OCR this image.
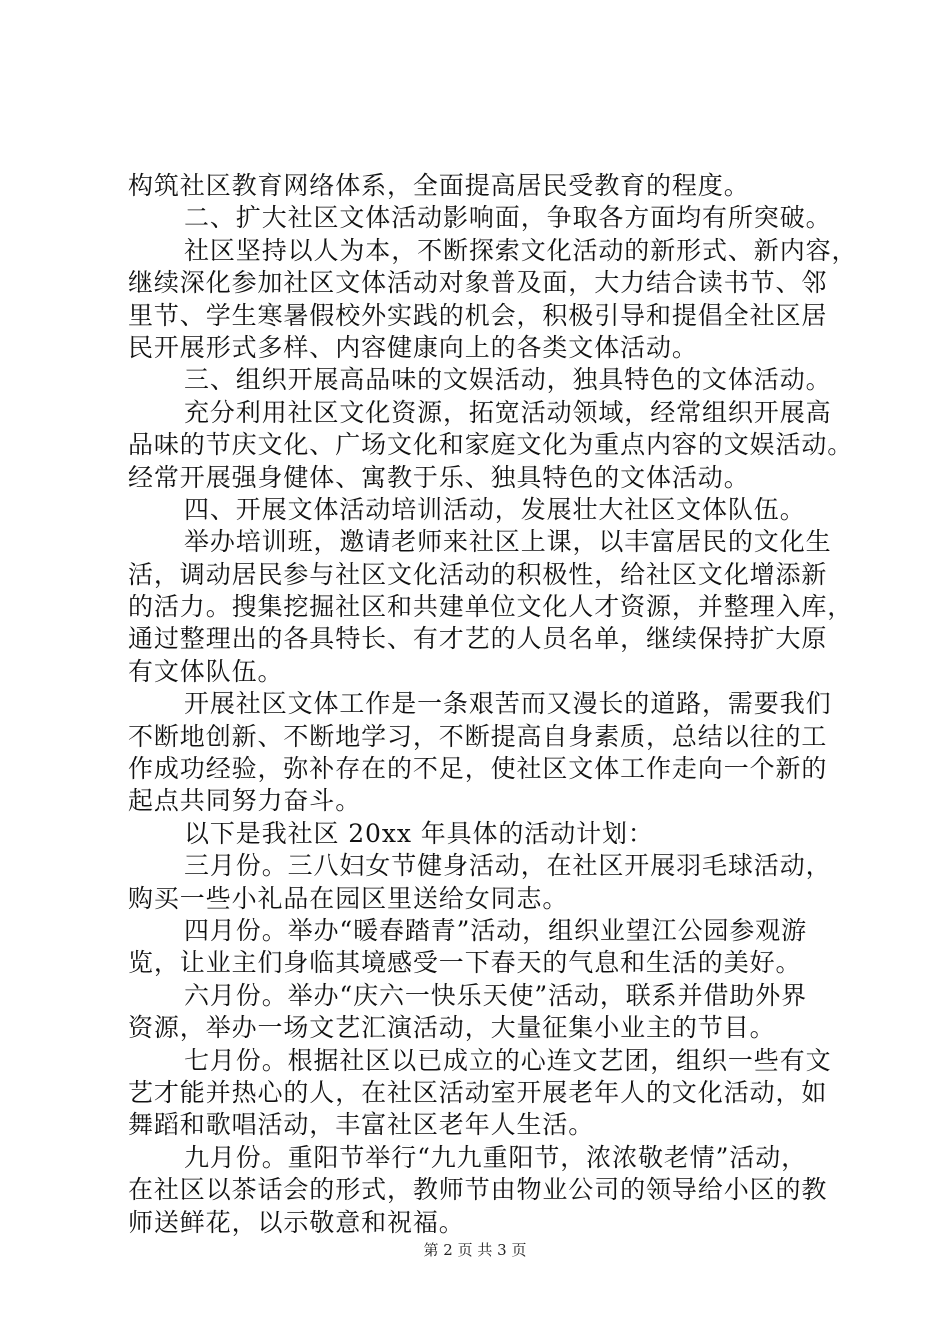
构筑社区教育网络体系，全面提高居民受教育的程度。
二、扩大社区文体活动影响面，争取各方面均有所突破。
社区坚持以人为本，不断探索文化活动的新形式、新内容，
继续深化参加社区文体活动对象普及面，大力结合读书节、邻
里节、学生寒暑假校外实践的机会，积极引导和提倡全社区居
民开展形式多样、内容健康向上的各类文体活动。
三、组织开展高品味的文娱活动，独具特色的文体活动。
充分利用社区文化资源，拓宽活动领域，经常组织开展高
品味的节庆文化、广场文化和家庭文化为重点内容的文娱活动。
经常开展强身健体、寓教于乐、独具特色的文体活动。
四、开展文体活动培训活动，发展壮大社区文体队伍。
举办培训班，邀请老师来社区上课，以丰富居民的文化生
活，调动居民参与社区文化活动的积极性，给社区文化增添新
的活力。搜集挖掘社区和共建单位文化人才资源，并整理入库，
通过整理出的各具特长、有才艺的人员名单，继续保持扩大原
有文体队伍。
开展社区文体工作是一条艰苦而又漫长的道路，需要我们
不断地创新、不断地学习，不断提高自身素质，总结以往的工
作成功经验，弥补存在的不足，使社区文体工作走向一个新的
起点共同努力奋斗。
以下是我社区 20xx 年具体的活动计划：
三月份。三八妇女节健身活动，在社区开展羽毛球活动，
购买一些小礼品在园区里送给女同志。
四月份。举办“暖春踏青”活动，组织业望江公园参观游
览，让业主们身临其境感受一下春天的气息和生活的美好。
六月份。举办“庆六一快乐天使”活动，联系并借助外界
资源，举办一场文艺汇演活动，大量征集小业主的节目。
七月份。根据社区以已成立的心连文艺团，组织一些有文
艺才能并热心的人，在社区活动室开展老年人的文化活动，如
舞蹈和歌唱活动，丰富社区老年人生活。
九月份。重阳节举行“九九重阳节，浓浓敬老情”活动，
在社区以茶话会的形式，教师节由物业公司的领导给小区的教
师送鲜花，以示敬意和祝福。
第 2 页 共 3 页
